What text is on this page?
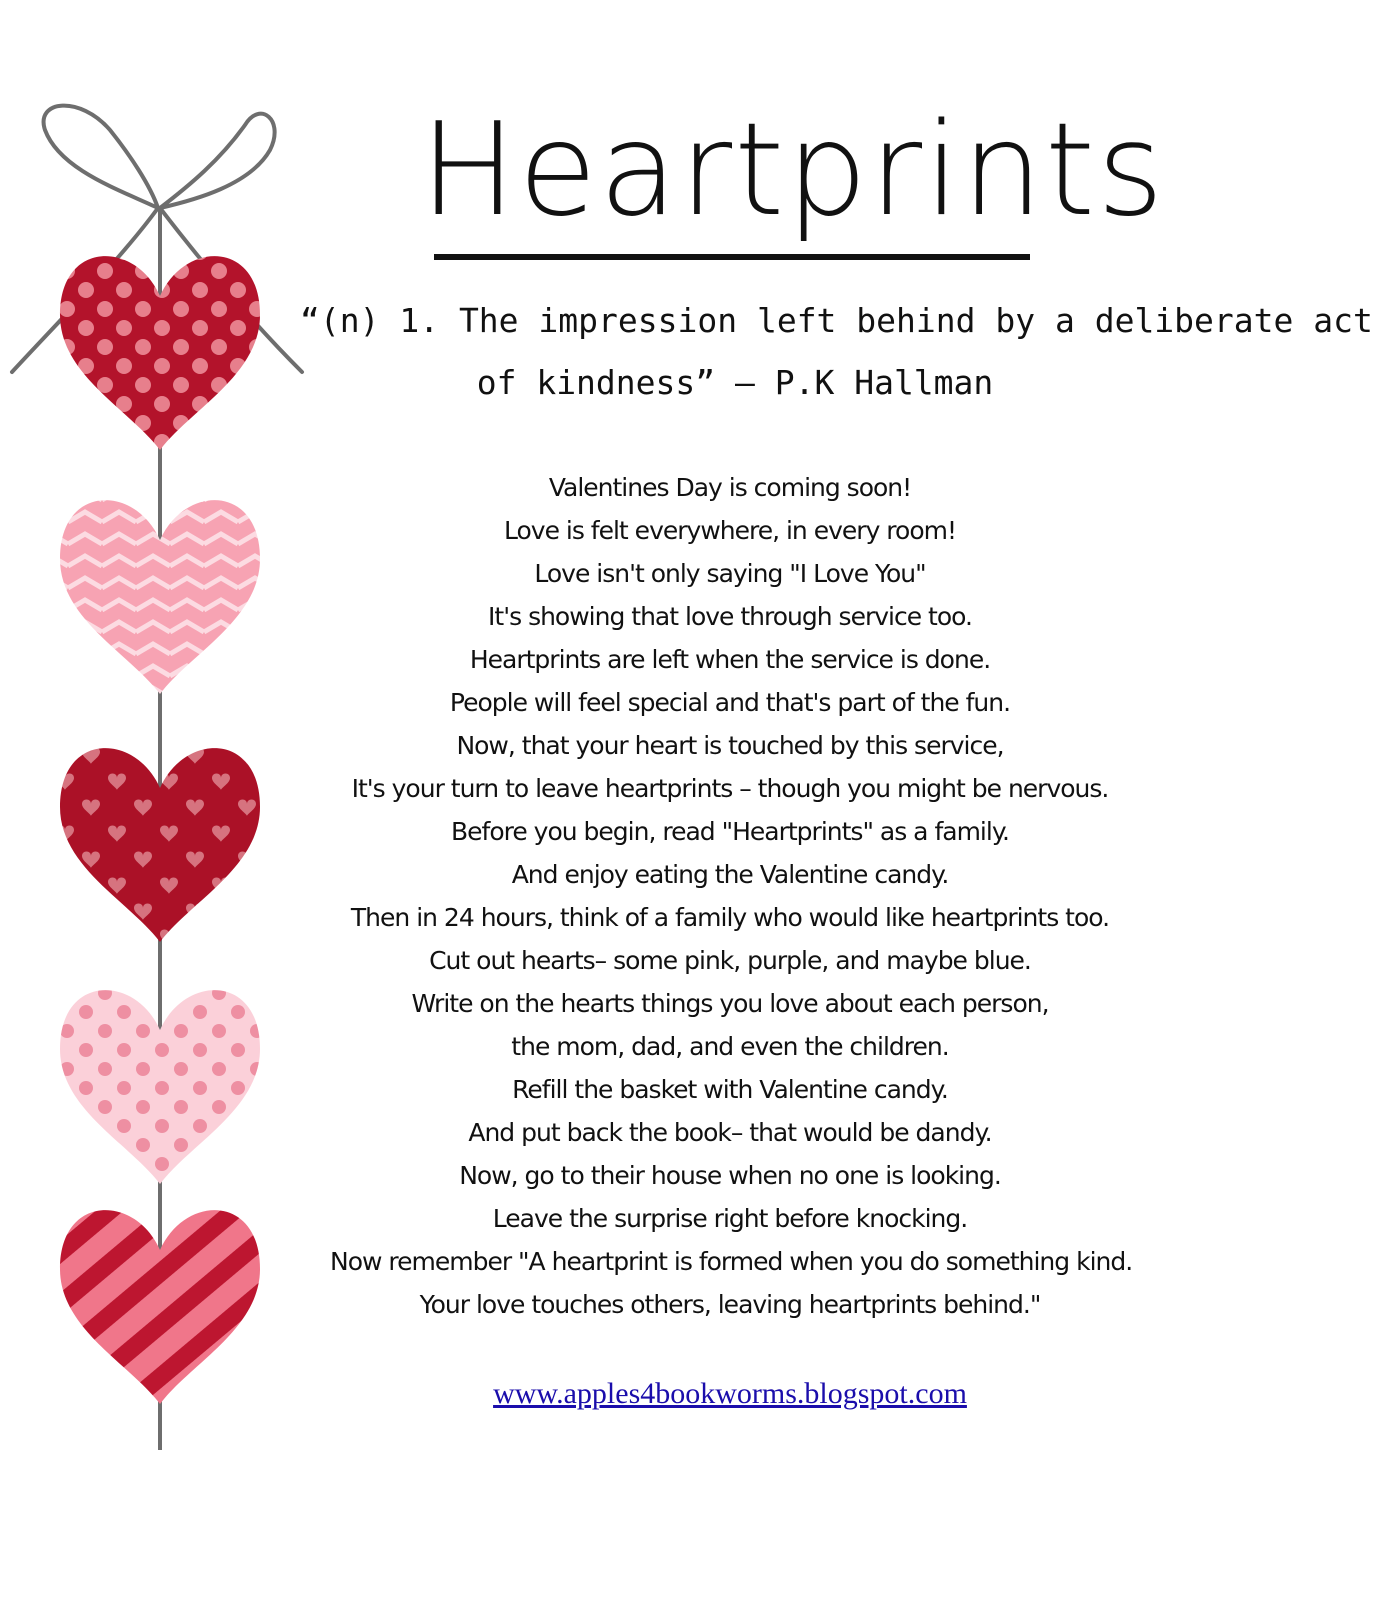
Heartprints
“(n) 1. The impression left behind by a deliberate act
of kindness” – P.K Hallman
Valentines Day is coming soon!
Love is felt everywhere, in every room!
Love isn't only saying "I Love You"
It's showing that love through service too.
Heartprints are left when the service is done.
People will feel special and that's part of the fun.
Now, that your heart is touched by this service,
It's your turn to leave heartprints – though you might be nervous.
Before you begin, read "Heartprints" as a family.
And enjoy eating the Valentine candy.
Then in 24 hours, think of a family who would like heartprints too.
Cut out hearts– some pink, purple, and maybe blue.
Write on the hearts things you love about each person,
the mom, dad, and even the children.
Refill the basket with Valentine candy.
And put back the book– that would be dandy.
Now, go to their house when no one is looking.
Leave the surprise right before knocking.
Now remember "A heartprint is formed when you do something kind.
Your love touches others, leaving heartprints behind."
www.apples4bookworms.blogspot.com
